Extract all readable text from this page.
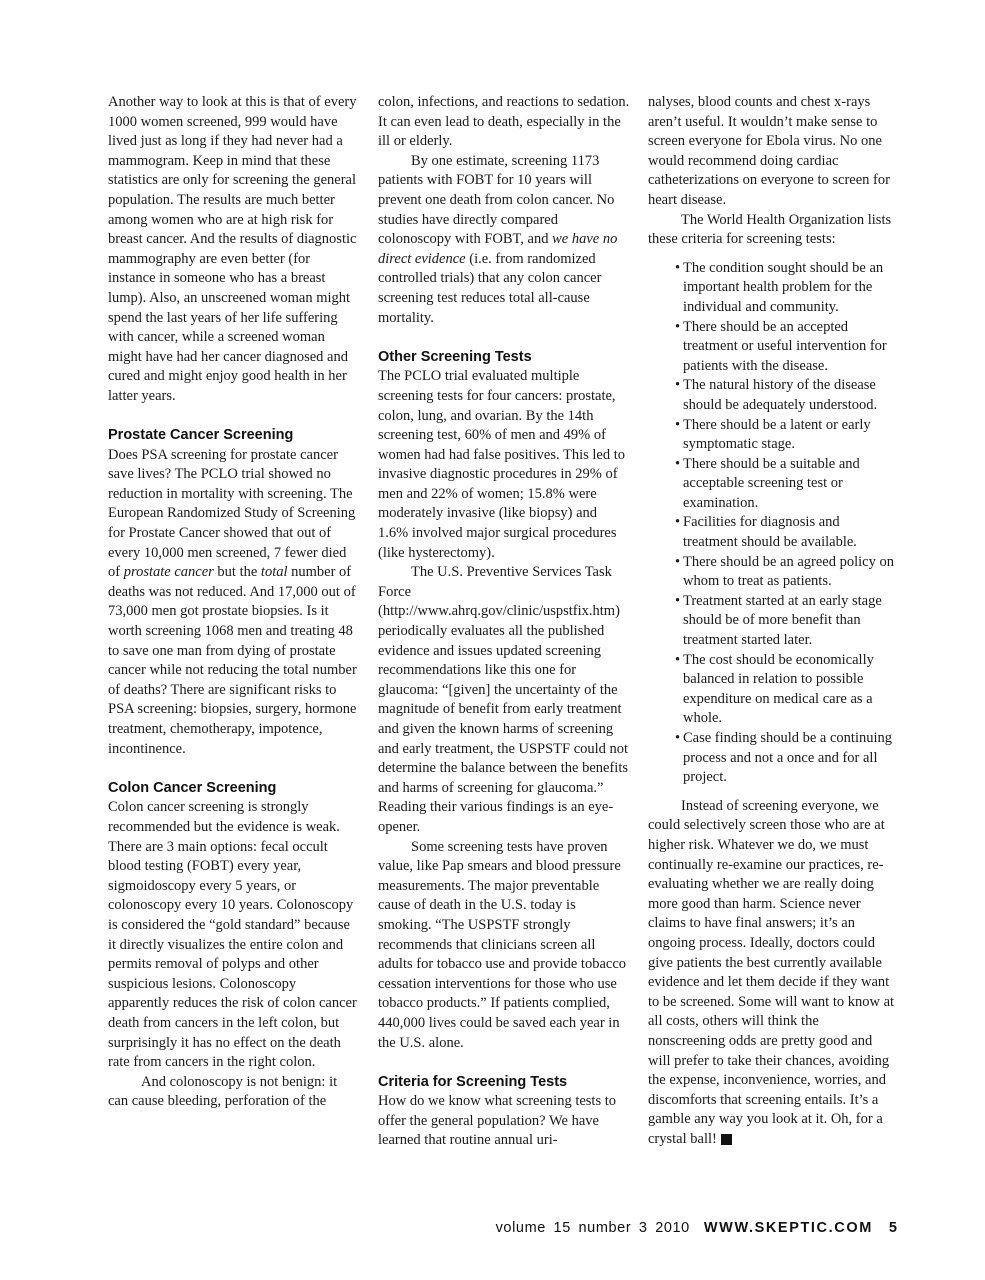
Another way to look at this is that of every 1000 women screened, 999 would have lived just as long if they had never had a mammogram. Keep in mind that these statistics are only for screening the general population. The results are much better among women who are at high risk for breast cancer. And the results of diagnostic mammography are even better (for instance in someone who has a breast lump). Also, an unscreened woman might spend the last years of her life suffering with cancer, while a screened woman might have had her cancer diagnosed and cured and might enjoy good health in her latter years.

Prostate Cancer Screening

Does PSA screening for prostate cancer save lives? The PCLO trial showed no reduction in mortality with screening. The European Randomized Study of Screening for Prostate Cancer showed that out of every 10,000 men screened, 7 fewer died of prostate cancer but the total number of deaths was not reduced. And 17,000 out of 73,000 men got prostate biopsies. Is it worth screening 1068 men and treating 48 to save one man from dying of prostate cancer while not reducing the total number of deaths? There are significant risks to PSA screening: biopsies, surgery, hormone treatment, chemotherapy, impotence, incontinence.

Colon Cancer Screening

Colon cancer screening is strongly recommended but the evidence is weak. There are 3 main options: fecal occult blood testing (FOBT) every year, sigmoidoscopy every 5 years, or colonoscopy every 10 years. Colonoscopy is considered the “gold standard” because it directly visualizes the entire colon and permits removal of polyps and other suspicious lesions. Colonoscopy apparently reduces the risk of colon cancer death from cancers in the left colon, but surprisingly it has no effect on the death rate from cancers in the right colon.

And colonoscopy is not benign: it can cause bleeding, perforation of the

colon, infections, and reactions to sedation. It can even lead to death, especially in the ill or elderly.

By one estimate, screening 1173 patients with FOBT for 10 years will prevent one death from colon cancer. No studies have directly compared colonoscopy with FOBT, and we have no direct evidence (i.e. from randomized controlled trials) that any colon cancer screening test reduces total all-cause mortality.

Other Screening Tests

The PCLO trial evaluated multiple screening tests for four cancers: prostate, colon, lung, and ovarian. By the 14th screening test, 60% of men and 49% of women had had false positives. This led to invasive diagnostic procedures in 29% of men and 22% of women; 15.8% were moderately invasive (like biopsy) and 1.6% involved major surgical procedures (like hysterectomy).

The U.S. Preventive Services Task Force (http://www.ahrq.gov/clinic/uspstfix.htm) periodically evaluates all the published evidence and issues updated screening recommendations like this one for glaucoma: “[given] the uncertainty of the magnitude of benefit from early treatment and given the known harms of screening and early treatment, the USPSTF could not determine the balance between the benefits and harms of screening for glaucoma.” Reading their various findings is an eye-opener.

Some screening tests have proven value, like Pap smears and blood pressure measurements. The major preventable cause of death in the U.S. today is smoking. “The USPSTF strongly recommends that clinicians screen all adults for tobacco use and provide tobacco cessation interventions for those who use tobacco products.” If patients complied, 440,000 lives could be saved each year in the U.S. alone.

Criteria for Screening Tests

How do we know what screening tests to offer the general population? We have learned that routine annual uri-

nalyses, blood counts and chest x-rays aren’t useful. It wouldn’t make sense to screen everyone for Ebola virus. No one would recommend doing cardiac catheterizations on everyone to screen for heart disease.

The World Health Organization lists these criteria for screening tests:

• The condition sought should be an important health problem for the individual and community.
• There should be an accepted treatment or useful intervention for patients with the disease.
• The natural history of the disease should be adequately understood.
• There should be a latent or early symptomatic stage.
• There should be a suitable and acceptable screening test or examination.
• Facilities for diagnosis and treatment should be available.
• There should be an agreed policy on whom to treat as patients.
• Treatment started at an early stage should be of more benefit than treatment started later.
• The cost should be economically balanced in relation to possible expenditure on medical care as a whole.
• Case finding should be a continuing process and not a once and for all project.

Instead of screening everyone, we could selectively screen those who are at higher risk. Whatever we do, we must continually re-examine our practices, re-evaluating whether we are really doing more good than harm. Science never claims to have final answers; it’s an ongoing process. Ideally, doctors could give patients the best currently available evidence and let them decide if they want to be screened. Some will want to know at all costs, others will think the nonscreening odds are pretty good and will prefer to take their chances, avoiding the expense, inconvenience, worries, and discomforts that screening entails. It’s a gamble any way you look at it. Oh, for a crystal ball!	S

volume 15 number 3 2010 WWW.SKEPTIC.COM 5
